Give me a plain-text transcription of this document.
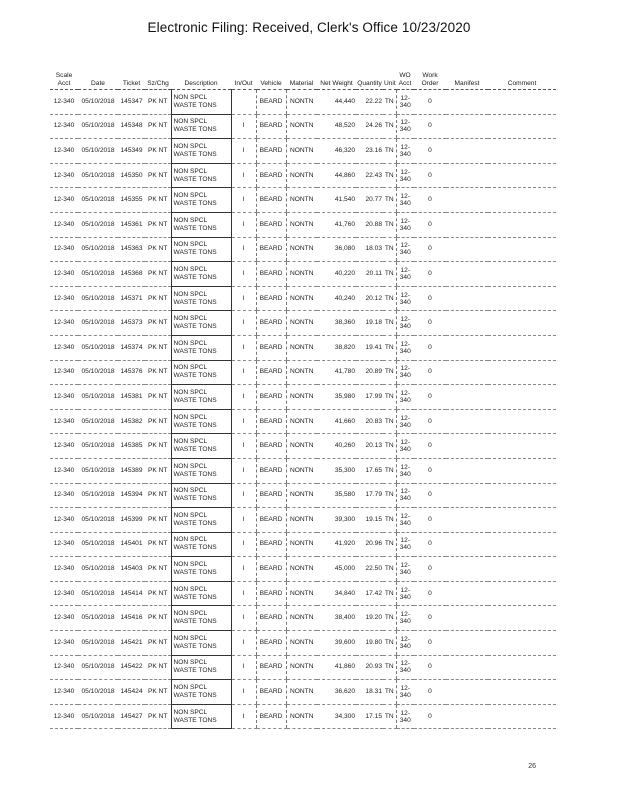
Electronic Filing: Received, Clerk's Office 10/23/2020
Scale Acct	Date	Ticket	Sz/Chg	Description	In/Out	Vehicle	Material	Net Weight	Quantity	Unit	WO Acct	Work Order	Manifest	Comment
12-340	05/10/2018	145347	PK NT	NON SPCL
WASTE TONS		BEARD	NONTN	44,440	22.22	TN	12-340	0		
12-340	05/10/2018	145348	PK NT	NON SPCL
WASTE TONS	I	BEARD	NONTN	48,520	24.26	TN	12-340	0		
12-340	05/10/2018	145349	PK NT	NON SPCL
WASTE TONS	I	BEARD	NONTN	46,320	23.16	TN	12-340	0		
12-340	05/10/2018	145350	PK NT	NON SPCL
WASTE TONS	I	BEARD	NONTN	44,860	22.43	TN	12-340	0		
12-340	05/10/2018	145355	PK NT	NON SPCL
WASTE TONS	I	BEARD	NONTN	41,540	20.77	TN	12-340	0		
12-340	05/10/2018	145361	PK NT	NON SPCL
WASTE TONS	I	BEARD	NONTN	41,760	20.88	TN	12-340	0		
12-340	05/10/2018	145363	PK NT	NON SPCL
WASTE TONS	I	BEARD	NONTN	36,080	18.03	TN	12-340	0		
12-340	05/10/2018	145368	PK NT	NON SPCL
WASTE TONS	I	BEARD	NONTN	40,220	20.11	TN	12-340	0		
12-340	05/10/2018	145371	PK NT	NON SPCL
WASTE TONS	I	BEARD	NONTN	40,240	20.12	TN	12-340	0		
12-340	05/10/2018	145373	PK NT	NON SPCL
WASTE TONS	I	BEARD	NONTN	38,360	19.18	TN	12-340	0		
12-340	05/10/2018	145374	PK NT	NON SPCL
WASTE TONS	I	BEARD	NONTN	38,820	19.41	TN	12-340	0		
12-340	05/10/2018	145376	PK NT	NON SPCL
WASTE TONS	I	BEARD	NONTN	41,780	20.89	TN	12-340	0		
12-340	05/10/2018	145381	PK NT	NON SPCL
WASTE TONS	I	BEARD	NONTN	35,980	17.99	TN	12-340	0		
12-340	05/10/2018	145382	PK NT	NON SPCL
WASTE TONS	I	BEARD	NONTN	41,660	20.83	TN	12-340	0		
12-340	05/10/2018	145385	PK NT	NON SPCL
WASTE TONS	I	BEARD	NONTN	40,260	20.13	TN	12-340	0		
12-340	05/10/2018	145389	PK NT	NON SPCL
WASTE TONS	I	BEARD	NONTN	35,300	17.65	TN	12-340	0		
12-340	05/10/2018	145394	PK NT	NON SPCL
WASTE TONS	I	BEARD	NONTN	35,580	17.79	TN	12-340	0		
12-340	05/10/2018	145399	PK NT	NON SPCL
WASTE TONS	I	BEARD	NONTN	39,300	19.15	TN	12-340	0		
12-340	05/10/2018	145401	PK NT	NON SPCL
WASTE TONS	I	BEARD	NONTN	41,920	20.96	TN	12-340	0		
12-340	05/10/2018	145403	PK NT	NON SPCL
WASTE TONS	I	BEARD	NONTN	45,000	22.50	TN	12-340	0		
12-340	05/10/2018	145414	PK NT	NON SPCL
WASTE TONS	I	BEARD	NONTN	34,840	17.42	TN	12-340	0		
12-340	05/10/2018	145416	PK NT	NON SPCL
WASTE TONS	I	BEARD	NONTN	38,400	19.20	TN	12-340	0		
12-340	05/10/2018	145421	PK NT	NON SPCL
WASTE TONS	I	BEARD	NONTN	39,600	19.80	TN	12-340	0		
12-340	05/10/2018	145422	PK NT	NON SPCL
WASTE TONS	I	BEARD	NONTN	41,860	20.93	TN	12-340	0		
12-340	05/10/2018	145424	PK NT	NON SPCL
WASTE TONS	I	BEARD	NONTN	36,620	18.31	TN	12-340	0		
12-340	05/10/2018	145427	PK NT	NON SPCL
WASTE TONS	I	BEARD	NONTN	34,300	17.15	TN	12-340	0		
26
